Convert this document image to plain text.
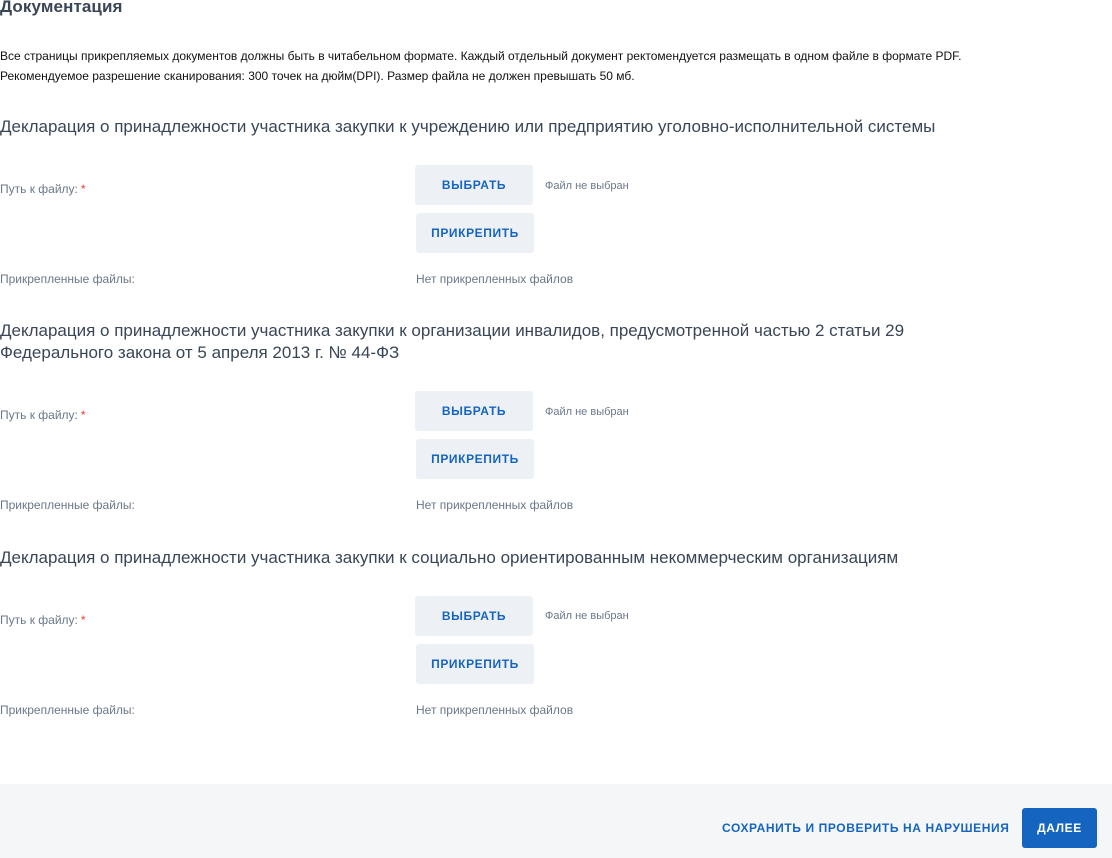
Документация
Все страницы прикрепляемых документов должны быть в читабельном формате. Каждый отдельный документ ректомендуется размещать в одном файле в формате PDF.
Рекомендуемое разрешение сканирования: 300 точек на дюйм(DPI). Размер файла не должен превышать 50 мб.
Декларация о принадлежности участника закупки к учреждению или предприятию уголовно-исполнительной системы
Путь к файлу: *	ВЫБРАТЬ	Файл не выбран
ПРИКРЕПИТЬ
Прикрепленные файлы:	Нет прикрепленных файлов
Декларация о принадлежности участника закупки к организации инвалидов, предусмотренной частью 2 статьи 29 Федерального закона от 5 апреля 2013 г. № 44-ФЗ
Путь к файлу: *	ВЫБРАТЬ	Файл не выбран
ПРИКРЕПИТЬ
Прикрепленные файлы:	Нет прикрепленных файлов
Декларация о принадлежности участника закупки к социально ориентированным некоммерческим организациям
Путь к файлу: *	ВЫБРАТЬ	Файл не выбран
ПРИКРЕПИТЬ
Прикрепленные файлы:	Нет прикрепленных файлов
СОХРАНИТЬ И ПРОВЕРИТЬ НА НАРУШЕНИЯ	ДАЛЕЕ
